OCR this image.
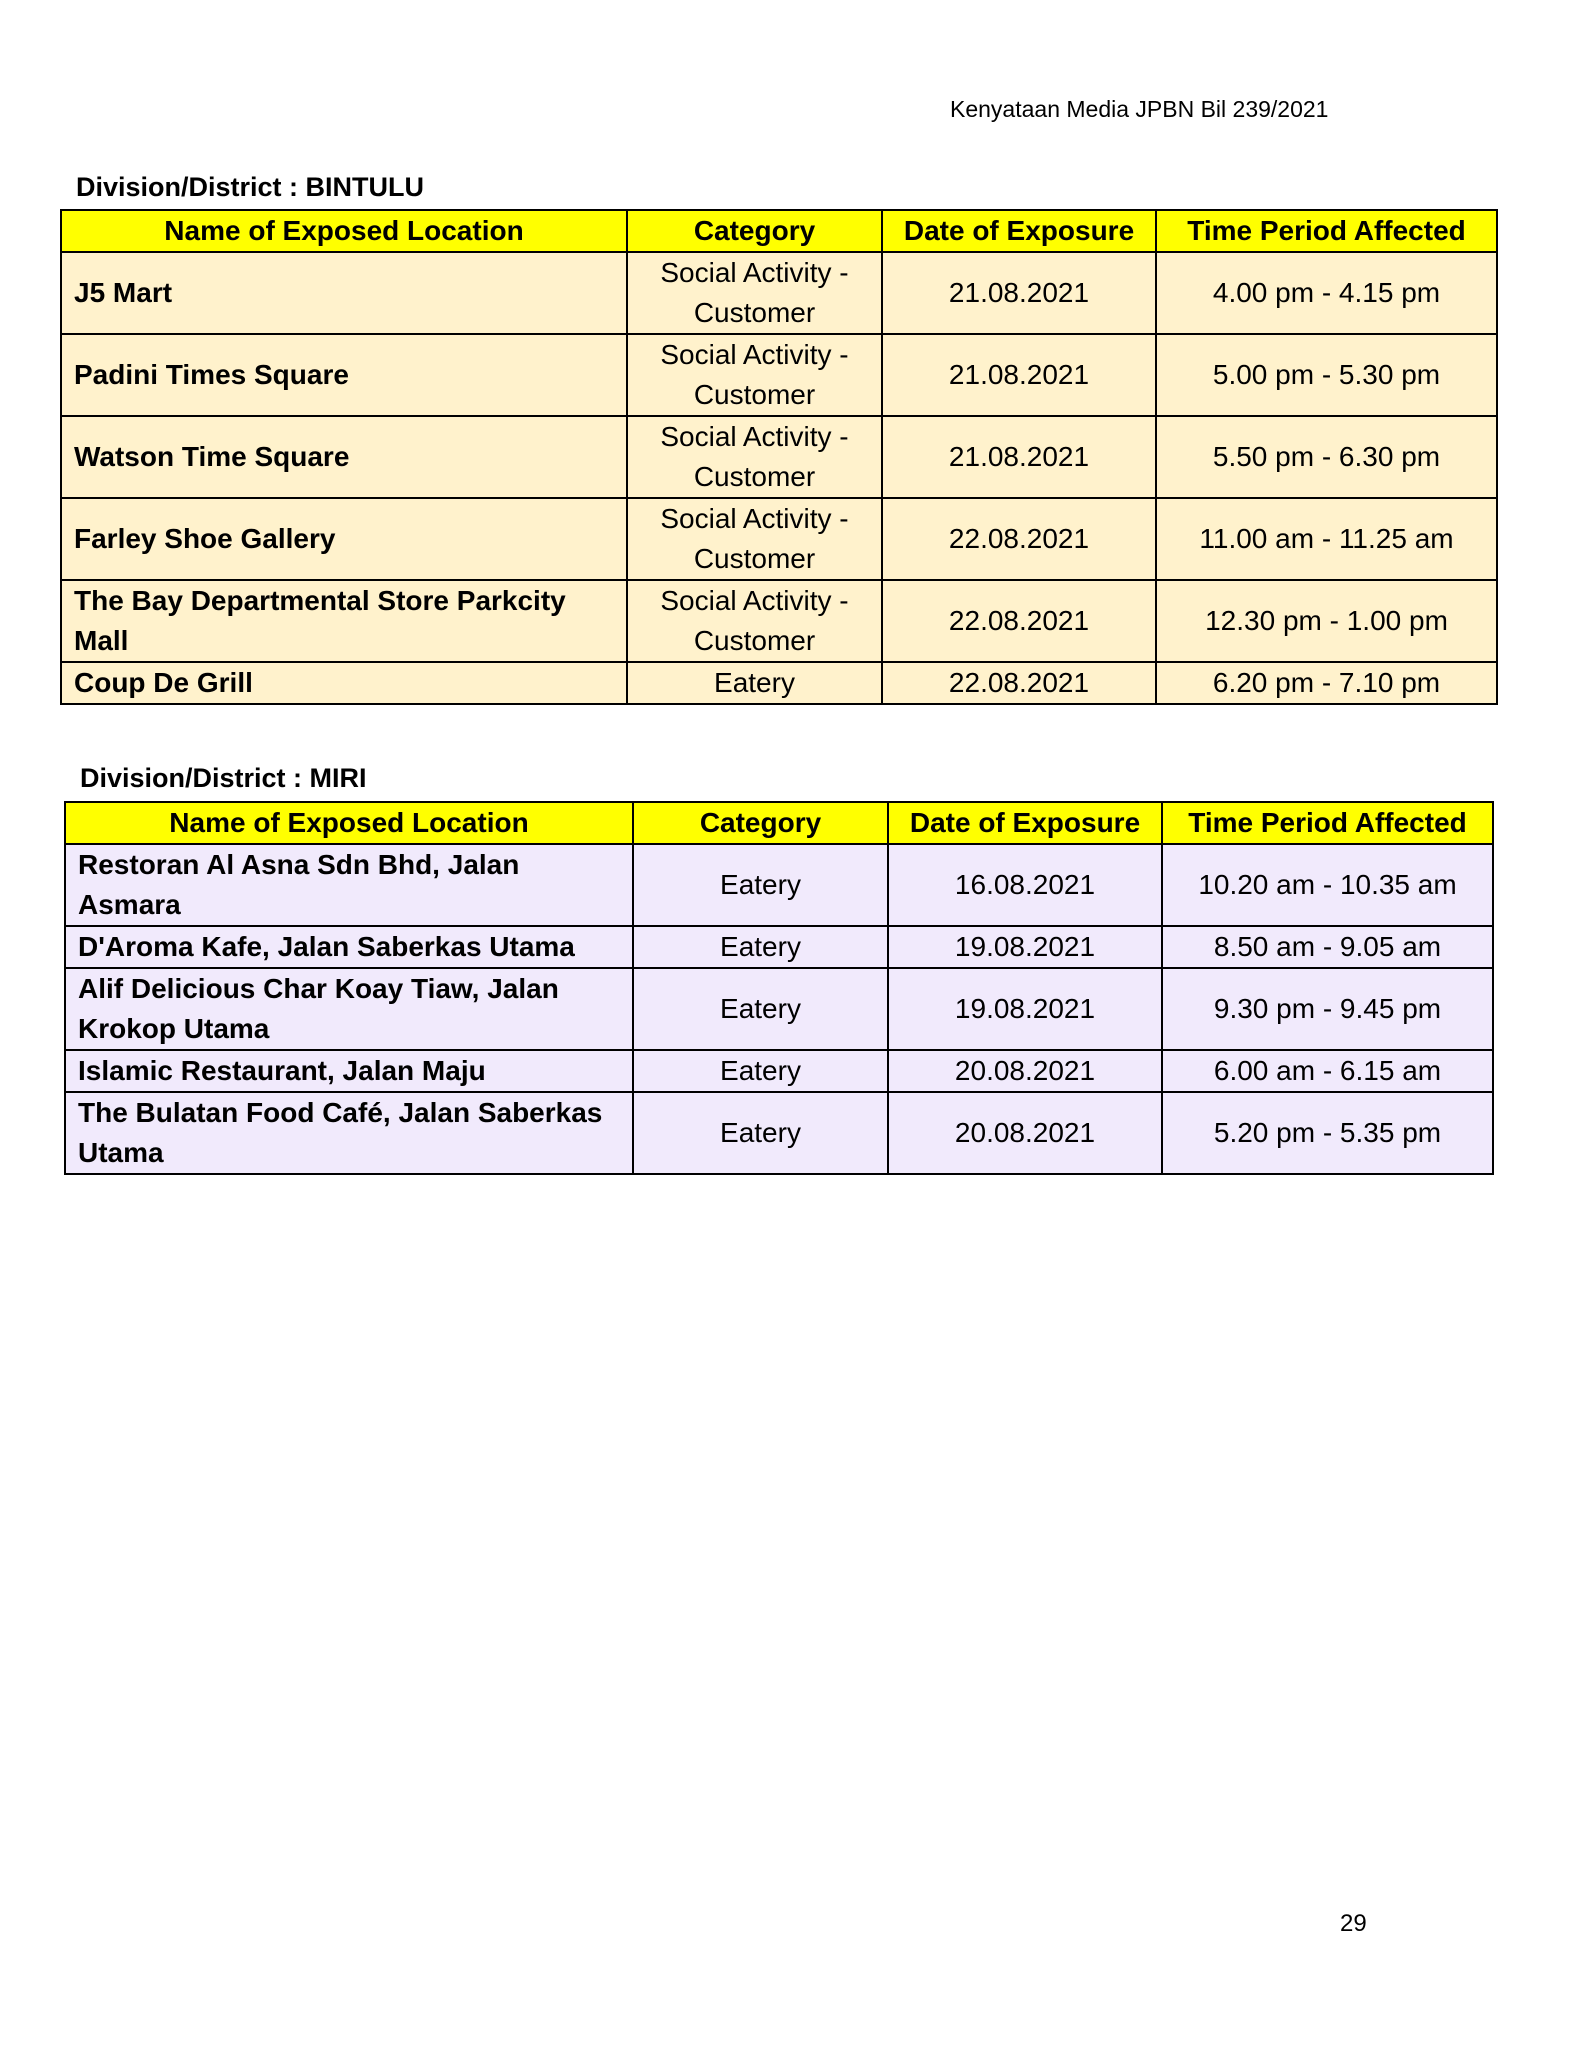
Kenyataan Media JPBN Bil 239/2021
Division/District : BINTULU
Name of Exposed Location	Category	Date of Exposure	Time Period Affected
J5 Mart	Social Activity - Customer	21.08.2021	4.00 pm - 4.15 pm
Padini Times Square	Social Activity - Customer	21.08.2021	5.00 pm - 5.30 pm
Watson Time Square	Social Activity - Customer	21.08.2021	5.50 pm - 6.30 pm
Farley Shoe Gallery	Social Activity - Customer	22.08.2021	11.00 am - 11.25 am
The Bay Departmental Store Parkcity Mall	Social Activity - Customer	22.08.2021	12.30 pm - 1.00 pm
Coup De Grill	Eatery	22.08.2021	6.20 pm - 7.10 pm
Division/District : MIRI
Name of Exposed Location	Category	Date of Exposure	Time Period Affected
Restoran Al Asna Sdn Bhd, Jalan Asmara	Eatery	16.08.2021	10.20 am - 10.35 am
D'Aroma Kafe, Jalan Saberkas Utama	Eatery	19.08.2021	8.50 am - 9.05 am
Alif Delicious Char Koay Tiaw, Jalan Krokop Utama	Eatery	19.08.2021	9.30 pm - 9.45 pm
Islamic Restaurant, Jalan Maju	Eatery	20.08.2021	6.00 am - 6.15 am
The Bulatan Food Café, Jalan Saberkas Utama	Eatery	20.08.2021	5.20 pm - 5.35 pm
29
